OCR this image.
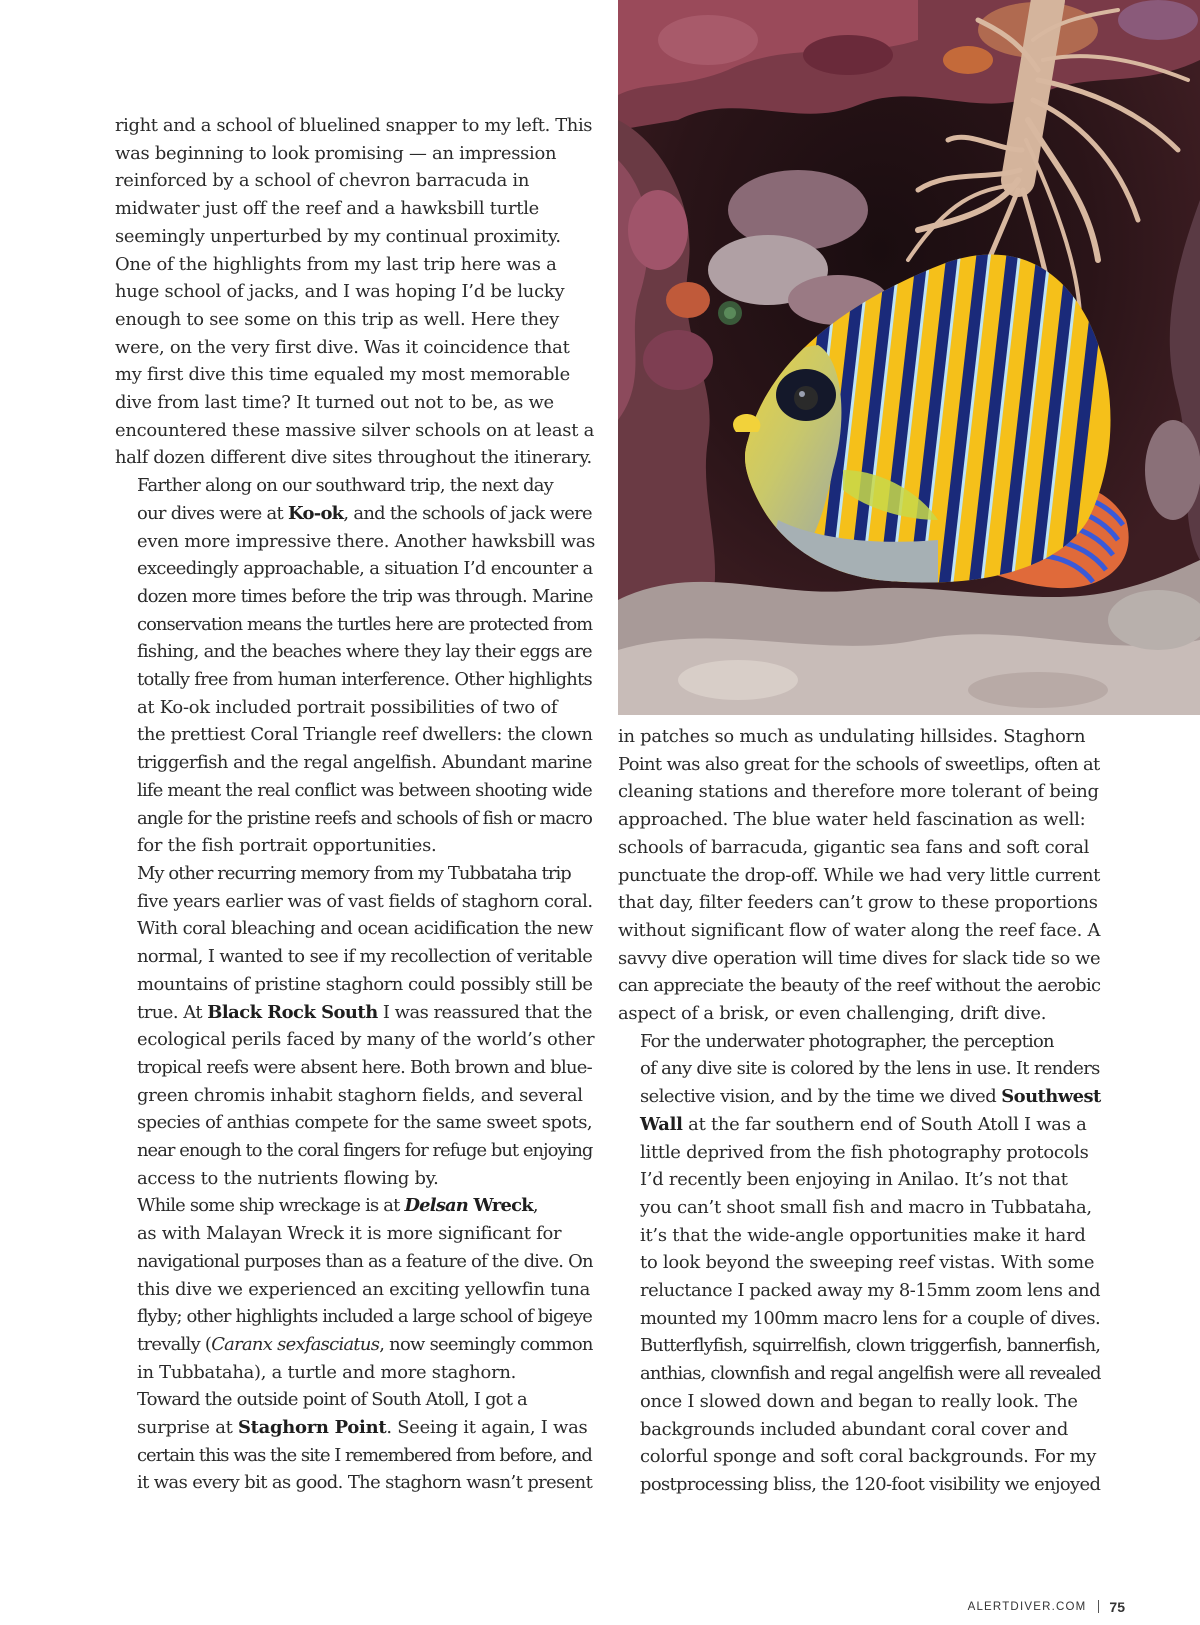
right and a school of bluelined snapper to my left. This
was beginning to look promising — an impression
reinforced by a school of chevron barracuda in
midwater just off the reef and a hawksbill turtle
seemingly unperturbed by my continual proximity.
One of the highlights from my last trip here was a
huge school of jacks, and I was hoping I’d be lucky
enough to see some on this trip as well. Here they
were, on the very first dive. Was it coincidence that
my first dive this time equaled my most memorable
dive from last time? It turned out not to be, as we
encountered these massive silver schools on at least a
half dozen different dive sites throughout the itinerary.

Farther along on our southward trip, the next day
our dives were at Ko-ok, and the schools of jack were
even more impressive there. Another hawksbill was
exceedingly approachable, a situation I’d encounter a
dozen more times before the trip was through. Marine
conservation means the turtles here are protected from
fishing, and the beaches where they lay their eggs are
totally free from human interference. Other highlights
at Ko-ok included portrait possibilities of two of
the prettiest Coral Triangle reef dwellers: the clown
triggerfish and the regal angelfish. Abundant marine
life meant the real conflict was between shooting wide
angle for the pristine reefs and schools of fish or macro
for the fish portrait opportunities.

My other recurring memory from my Tubbataha trip
five years earlier was of vast fields of staghorn coral.
With coral bleaching and ocean acidification the new
normal, I wanted to see if my recollection of veritable
mountains of pristine staghorn could possibly still be
true. At Black Rock South I was reassured that the
ecological perils faced by many of the world’s other
tropical reefs were absent here. Both brown and blue-
green chromis inhabit staghorn fields, and several
species of anthias compete for the same sweet spots,
near enough to the coral fingers for refuge but enjoying
access to the nutrients flowing by.

While some ship wreckage is at Delsan Wreck,
as with Malayan Wreck it is more significant for
navigational purposes than as a feature of the dive. On
this dive we experienced an exciting yellowfin tuna
flyby; other highlights included a large school of bigeye
trevally (Caranx sexfasciatus, now seemingly common
in Tubbataha), a turtle and more staghorn.

Toward the outside point of South Atoll, I got a
surprise at Staghorn Point. Seeing it again, I was
certain this was the site I remembered from before, and
it was every bit as good. The staghorn wasn’t present

in patches so much as undulating hillsides. Staghorn
Point was also great for the schools of sweetlips, often at
cleaning stations and therefore more tolerant of being
approached. The blue water held fascination as well:
schools of barracuda, gigantic sea fans and soft coral
punctuate the drop-off. While we had very little current
that day, filter feeders can’t grow to these proportions
without significant flow of water along the reef face. A
savvy dive operation will time dives for slack tide so we
can appreciate the beauty of the reef without the aerobic
aspect of a brisk, or even challenging, drift dive.

For the underwater photographer, the perception
of any dive site is colored by the lens in use. It renders
selective vision, and by the time we dived Southwest
Wall at the far southern end of South Atoll I was a
little deprived from the fish photography protocols
I’d recently been enjoying in Anilao. It’s not that
you can’t shoot small fish and macro in Tubbataha,
it’s that the wide-angle opportunities make it hard
to look beyond the sweeping reef vistas. With some
reluctance I packed away my 8-15mm zoom lens and
mounted my 100mm macro lens for a couple of dives.
Butterflyfish, squirrelfish, clown triggerfish, bannerfish,
anthias, clownfish and regal angelfish were all revealed
once I slowed down and began to really look. The
backgrounds included abundant coral cover and
colorful sponge and soft coral backgrounds. For my
postprocessing bliss, the 120-foot visibility we enjoyed

ALERTDIVER.COM 75
